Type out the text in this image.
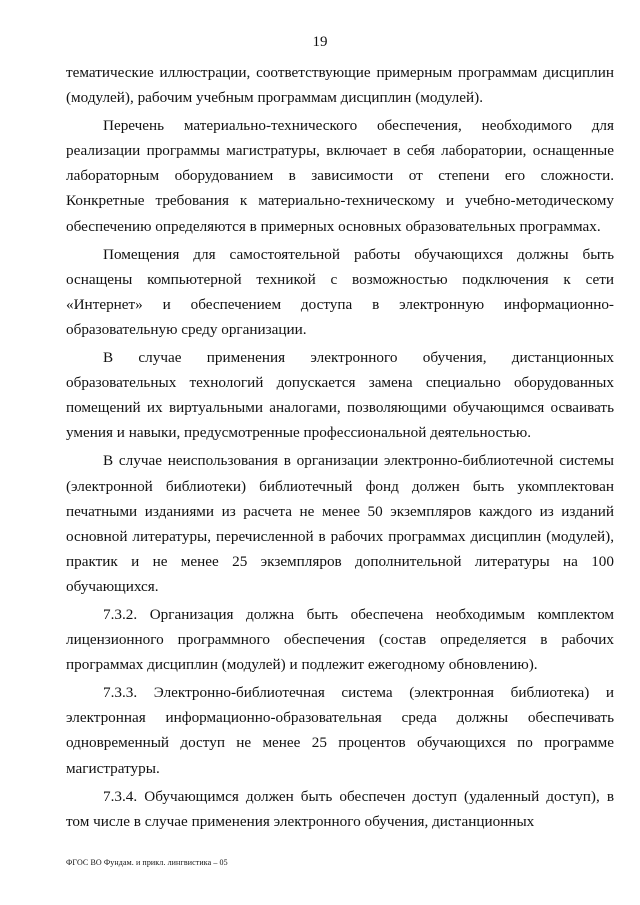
19

тематические иллюстрации, соответствующие примерным программам дисциплин (модулей), рабочим учебным программам дисциплин (модулей).

Перечень материально-технического обеспечения, необходимого для реализации программы магистратуры, включает в себя лаборатории, оснащенные лабораторным оборудованием в зависимости от степени его сложности. Конкретные требования к материально-техническому и учебно-методическому обеспечению определяются в примерных основных образовательных программах.

Помещения для самостоятельной работы обучающихся должны быть оснащены компьютерной техникой с возможностью подключения к сети «Интернет» и обеспечением доступа в электронную информационно-образовательную среду организации.

В случае применения электронного обучения, дистанционных образовательных технологий допускается замена специально оборудованных помещений их виртуальными аналогами, позволяющими обучающимся осваивать умения и навыки, предусмотренные профессиональной деятельностью.

В случае неиспользования в организации электронно-библиотечной системы (электронной библиотеки) библиотечный фонд должен быть укомплектован печатными изданиями из расчета не менее 50 экземпляров каждого из изданий основной литературы, перечисленной в рабочих программах дисциплин (модулей), практик и не менее 25 экземпляров дополнительной литературы на 100 обучающихся.

7.3.2. Организация должна быть обеспечена необходимым комплектом лицензионного программного обеспечения (состав определяется в рабочих программах дисциплин (модулей) и подлежит ежегодному обновлению).

7.3.3. Электронно-библиотечная система (электронная библиотека) и электронная информационно-образовательная среда должны обеспечивать одновременный доступ не менее 25 процентов обучающихся по программе магистратуры.

7.3.4. Обучающимся должен быть обеспечен доступ (удаленный доступ), в том числе в случае применения электронного обучения, дистанционных

ФГОС ВО Фундам. и прикл. лингвистика – 05
